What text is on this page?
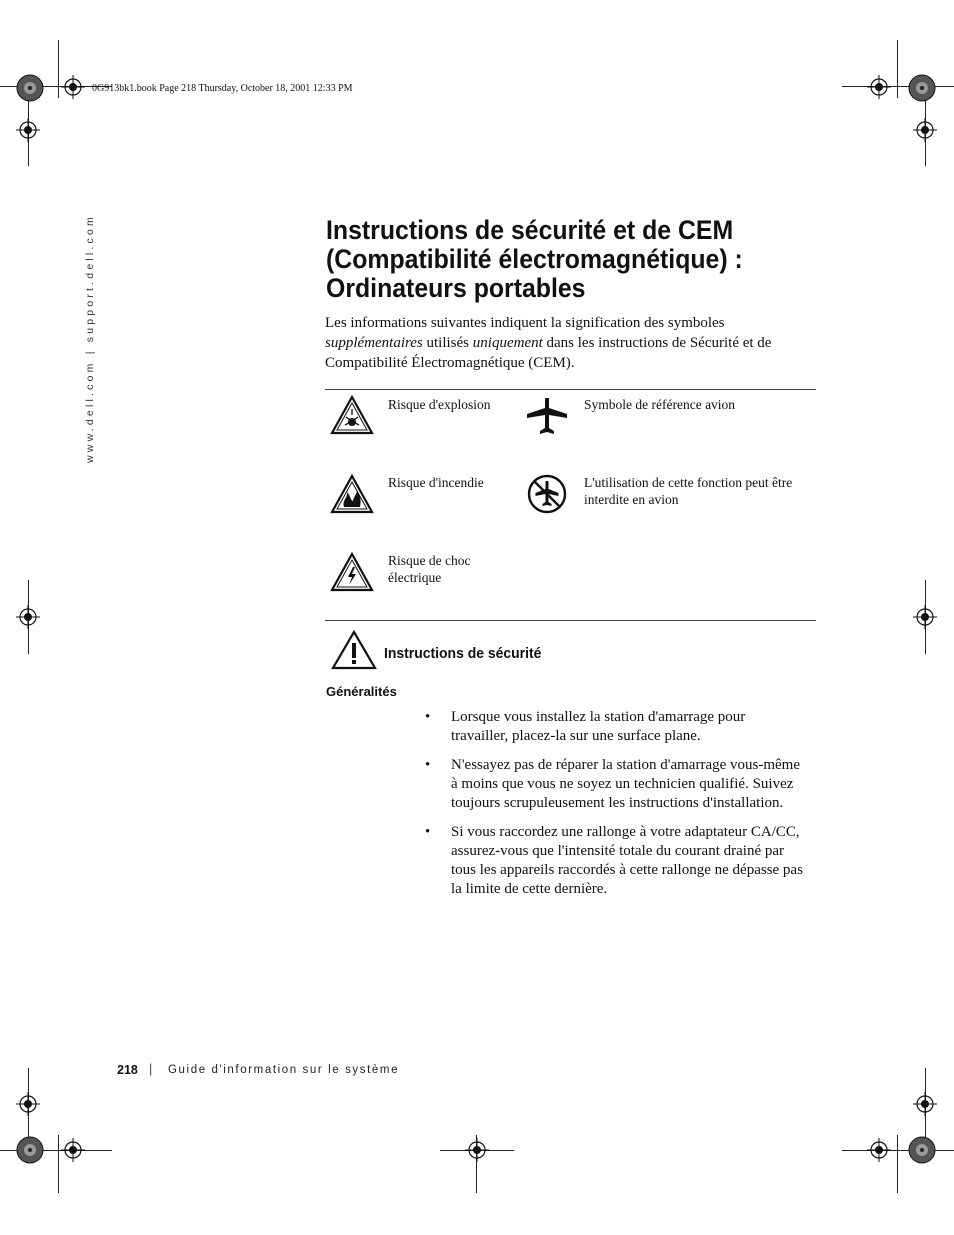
0G913bk1.book Page 218 Thursday, October 18, 2001 12:33 PM
www.dell.com | support.dell.com	Instructions de sécurité et de CEM
(Compatibilité électromagnétique) :
Ordinateurs portables
Les informations suivantes indiquent la signification des symboles supplémentaires utilisés uniquement dans les instructions de Sécurité et de Compatibilité Électromagnétique (CEM).
Risque d'explosion	Symbole de référence avion
Risque d'incendie	L'utilisation de cette fonction peut être interdite en avion
Risque de choc électrique
Instructions de sécurité
Généralités
• Lorsque vous installez la station d'amarrage pour travailler, placez-la sur une surface plane.
• N'essayez pas de réparer la station d'amarrage vous-même à moins que vous ne soyez un technicien qualifié. Suivez toujours scrupuleusement les instructions d'installation.
• Si vous raccordez une rallonge à votre adaptateur CA/CC, assurez-vous que l'intensité totale du courant drainé par tous les appareils raccordés à cette rallonge ne dépasse pas la limite de cette dernière.
218 | Guide d'information sur le système
